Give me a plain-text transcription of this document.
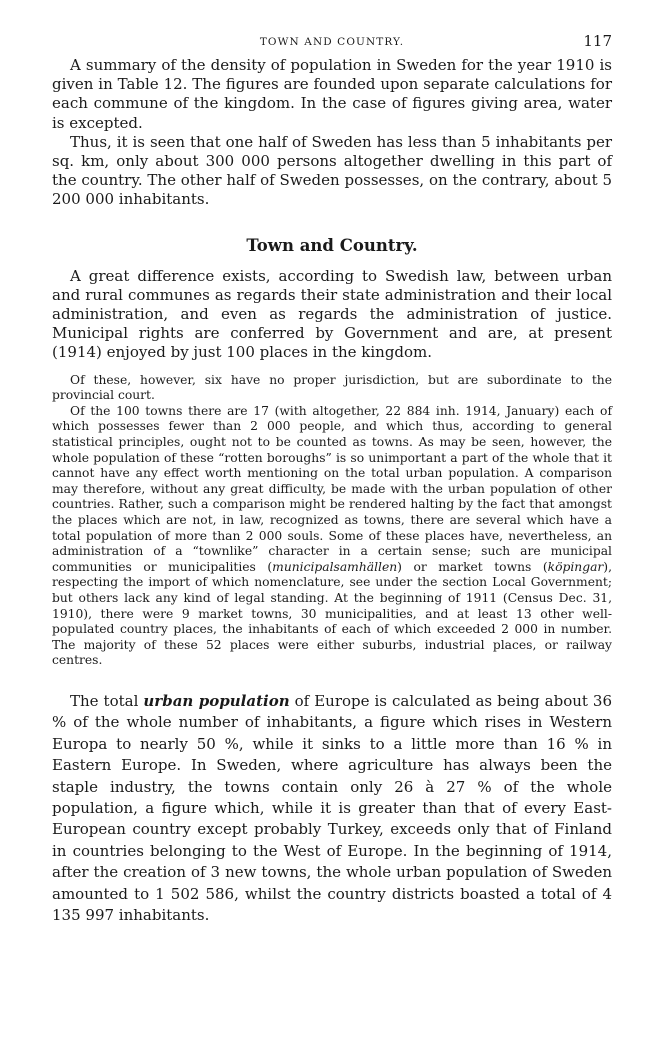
TOWN AND COUNTRY.	117

A summary of the density of population in Sweden for the year 1910 is given in Table 12. The figures are founded upon separate calculations for each commune of the kingdom. In the case of figures giving area, water is excepted.

Thus, it is seen that one half of Sweden has less than 5 inhabitants per sq. km, only about 300 000 persons altogether dwelling in this part of the country. The other half of Sweden possesses, on the contrary, about 5 200 000 inhabitants.

Town and Country.

A great difference exists, according to Swedish law, between urban and rural communes as regards their state administration and their local administration, and even as regards the administration of justice. Municipal rights are conferred by Government and are, at present (1914) enjoyed by just 100 places in the kingdom.

Of these, however, six have no proper jurisdiction, but are subordinate to the provincial court.

Of the 100 towns there are 17 (with altogether, 22 884 inh. 1914, January) each of which possesses fewer than 2 000 people, and which thus, according to general statistical principles, ought not to be counted as towns. As may be seen, however, the whole population of these “rotten boroughs” is so unimportant a part of the whole that it cannot have any effect worth mentioning on the total urban population. A comparison may therefore, without any great difficulty, be made with the urban population of other countries. Rather, such a comparison might be rendered halting by the fact that amongst the places which are not, in law, recognized as towns, there are several which have a total population of more than 2 000 souls. Some of these places have, nevertheless, an administration of a “townlike” character in a certain sense; such are municipal communities or municipalities (municipalsamhällen) or market towns (köpingar), respecting the import of which nomenclature, see under the section Local Government; but others lack any kind of legal standing. At the beginning of 1911 (Census Dec. 31, 1910), there were 9 market towns, 30 municipalities, and at least 13 other well-populated country places, the inhabitants of each of which exceeded 2 000 in number. The majority of these 52 places were either suburbs, industrial places, or railway centres.

The total urban population of Europe is calculated as being about 36 % of the whole number of inhabitants, a figure which rises in Western Europa to nearly 50 %, while it sinks to a little more than 16 % in Eastern Europe. In Sweden, where agriculture has always been the staple industry, the towns contain only 26 à 27 % of the whole population, a figure which, while it is greater than that of every East-European country except probably Turkey, exceeds only that of Finland in countries belonging to the West of Europe. In the beginning of 1914, after the creation of 3 new towns, the whole urban population of Sweden amounted to 1 502 586, whilst the country districts boasted a total of 4 135 997 inhabitants.
